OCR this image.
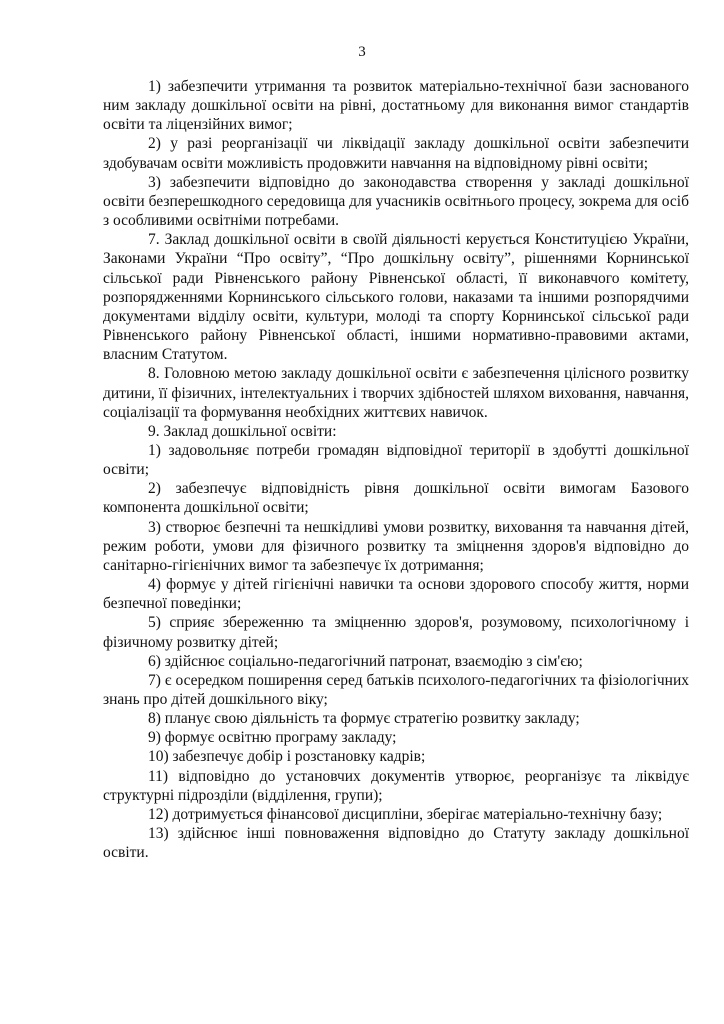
3

1) забезпечити утримання та розвиток матеріально-технічної бази заснованого ним закладу дошкільної освіти на рівні, достатньому для виконання вимог стандартів освіти та ліцензійних вимог;

2) у разі реорганізації чи ліквідації закладу дошкільної освіти забезпечити здобувачам освіти можливість продовжити навчання на відповідному рівні освіти;

3) забезпечити відповідно до законодавства створення у закладі дошкільної освіти безперешкодного середовища для учасників освітнього процесу, зокрема для осіб з особливими освітніми потребами.

7. Заклад дошкільної освіти в своїй діяльності керується Конституцією України, Законами України “Про освіту”, “Про дошкільну освіту”, рішеннями Корнинської сільської ради Рівненського району Рівненської області, її виконавчого комітету, розпорядженнями Корнинського сільського голови, наказами та іншими розпорядчими документами відділу освіти, культури, молоді та спорту Корнинської сільської ради Рівненського району Рівненської області, іншими нормативно-правовими актами, власним Статутом.

8. Головною метою закладу дошкільної освіти є забезпечення цілісного розвитку дитини, її фізичних, інтелектуальних і творчих здібностей шляхом виховання, навчання, соціалізації та формування необхідних життєвих навичок.

9. Заклад дошкільної освіти:

1) задовольняє потреби громадян відповідної території в здобутті дошкільної освіти;

2) забезпечує відповідність рівня дошкільної освіти вимогам Базового компонента дошкільної освіти;

3) створює безпечні та нешкідливі умови розвитку, виховання та навчання дітей, режим роботи, умови для фізичного розвитку та зміцнення здоров'я відповідно до санітарно-гігієнічних вимог та забезпечує їх дотримання;

4) формує у дітей гігієнічні навички та основи здорового способу життя, норми безпечної поведінки;

5) сприяє збереженню та зміцненню здоров'я, розумовому, психологічному і фізичному розвитку дітей;

6) здійснює соціально-педагогічний патронат, взаємодію з сім'єю;

7) є осередком поширення серед батьків психолого-педагогічних та фізіологічних знань про дітей дошкільного віку;

8) планує свою діяльність та формує стратегію розвитку закладу;

9) формує освітню програму закладу;

10) забезпечує добір і розстановку кадрів;

11) відповідно до установчих документів утворює, реорганізує та ліквідує структурні підрозділи (відділення, групи);

12) дотримується фінансової дисципліни, зберігає матеріально-технічну базу;

13) здійснює інші повноваження відповідно до Статуту закладу дошкільної освіти.
